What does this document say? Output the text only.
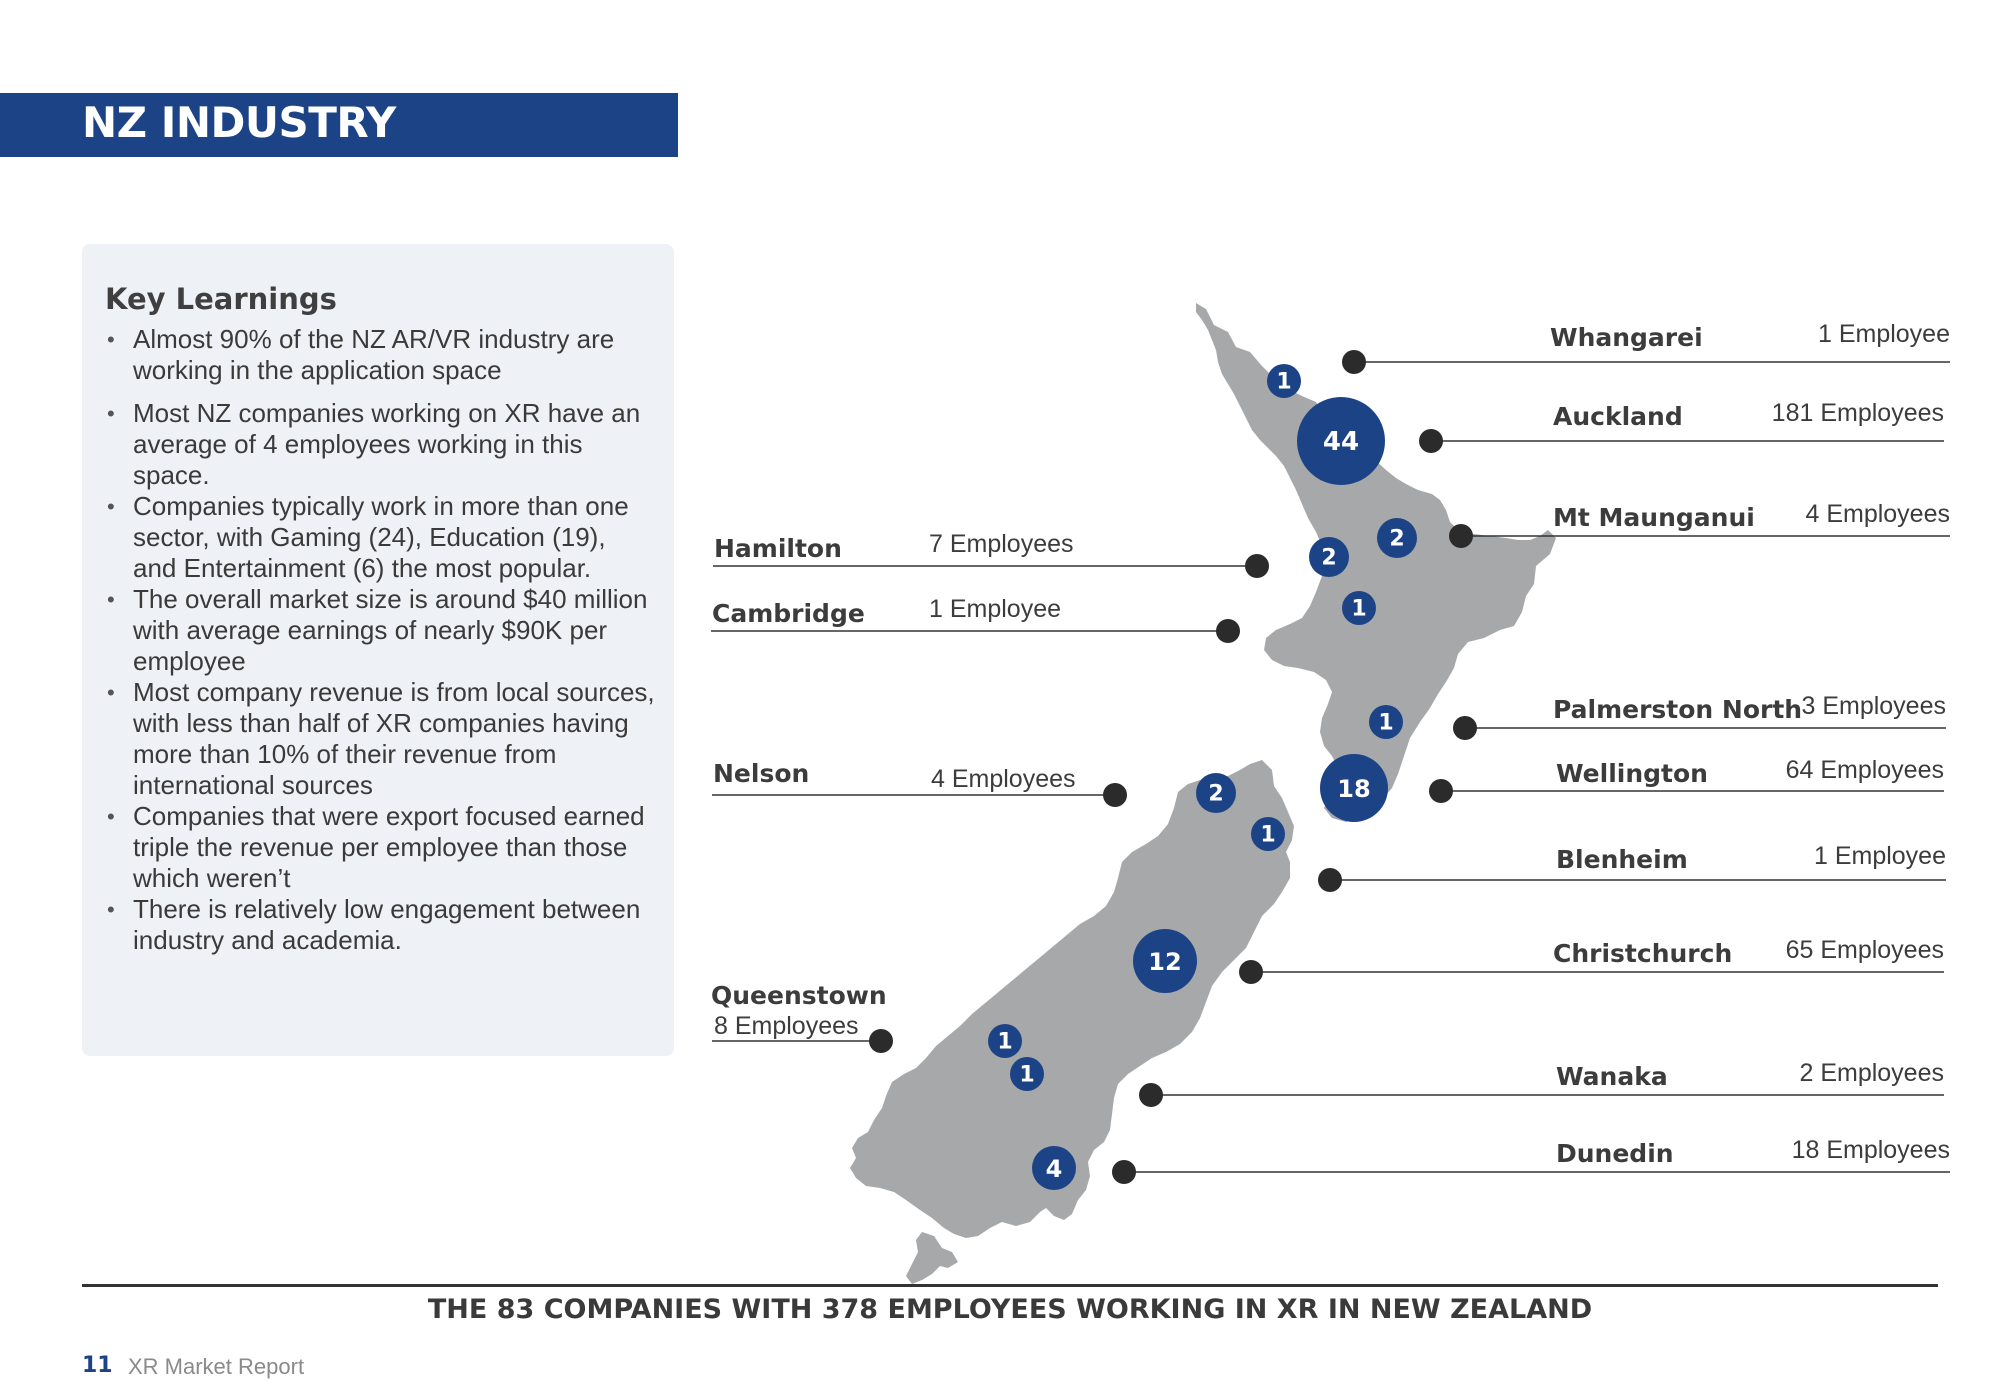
NZ INDUSTRY
Key Learnings
• Almost 90% of the NZ AR/VR industry are working in the application space
• Most NZ companies working on XR have an average of 4 employees working in this space.
• Companies typically work in more than one sector, with Gaming (24), Education (19), and Entertainment (6) the most popular.
• The overall market size is around $40 million with average earnings of nearly $90K per employee
• Most company revenue is from local sources, with less than half of XR companies having more than 10% of their revenue from international sources
• Companies that were export focused earned triple the revenue per employee than those which weren’t
• There is relatively low engagement between industry and academia.
1
44
2
2
1
1
18
2
1
12
1
1
4
Whangarei	1 Employee
Auckland	181 Employees
Mt Maunganui 4 Employees
Palmerston North 3 Employees
Wellington	64 Employees
Blenheim	1 Employee
Christchurch 65 Employees
Wanaka	2 Employees
Dunedin	18 Employees
Hamilton	7 Employees
Cambridge	1 Employee
Nelson	4 Employees
Queenstown
8 Employees
THE 83 COMPANIES WITH 378 EMPLOYEES WORKING IN XR IN NEW ZEALAND
11 XR Market Report
